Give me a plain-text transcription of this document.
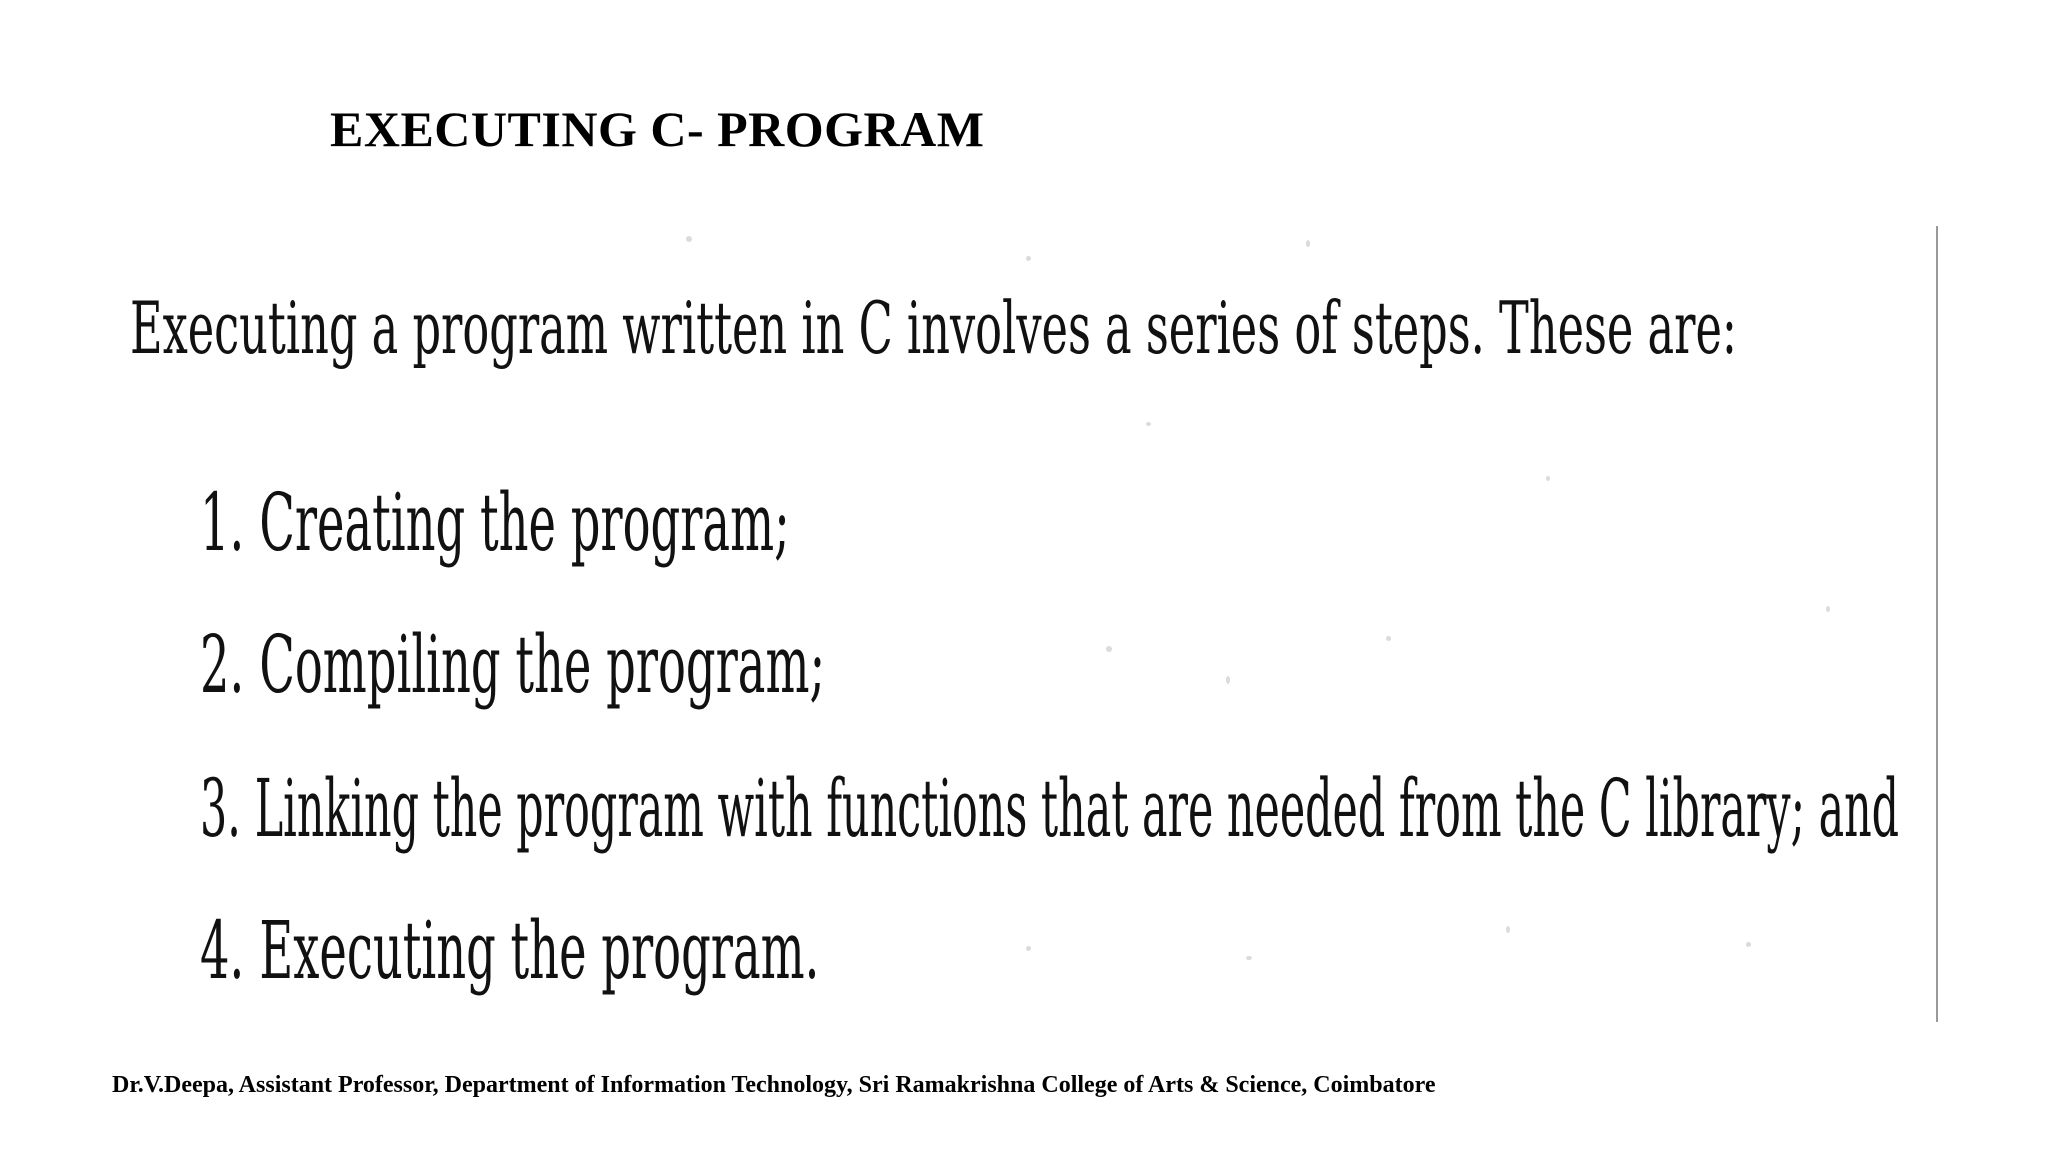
EXECUTING C- PROGRAM
Executing a program written in C involves a series of steps. These are:
1. Creating the program;
2. Compiling the program;
3. Linking the program with functions that are needed from the C library; and
4. Executing the program.
Dr.V.Deepa, Assistant Professor, Department of Information Technology, Sri Ramakrishna College of Arts & Science, Coimbatore
